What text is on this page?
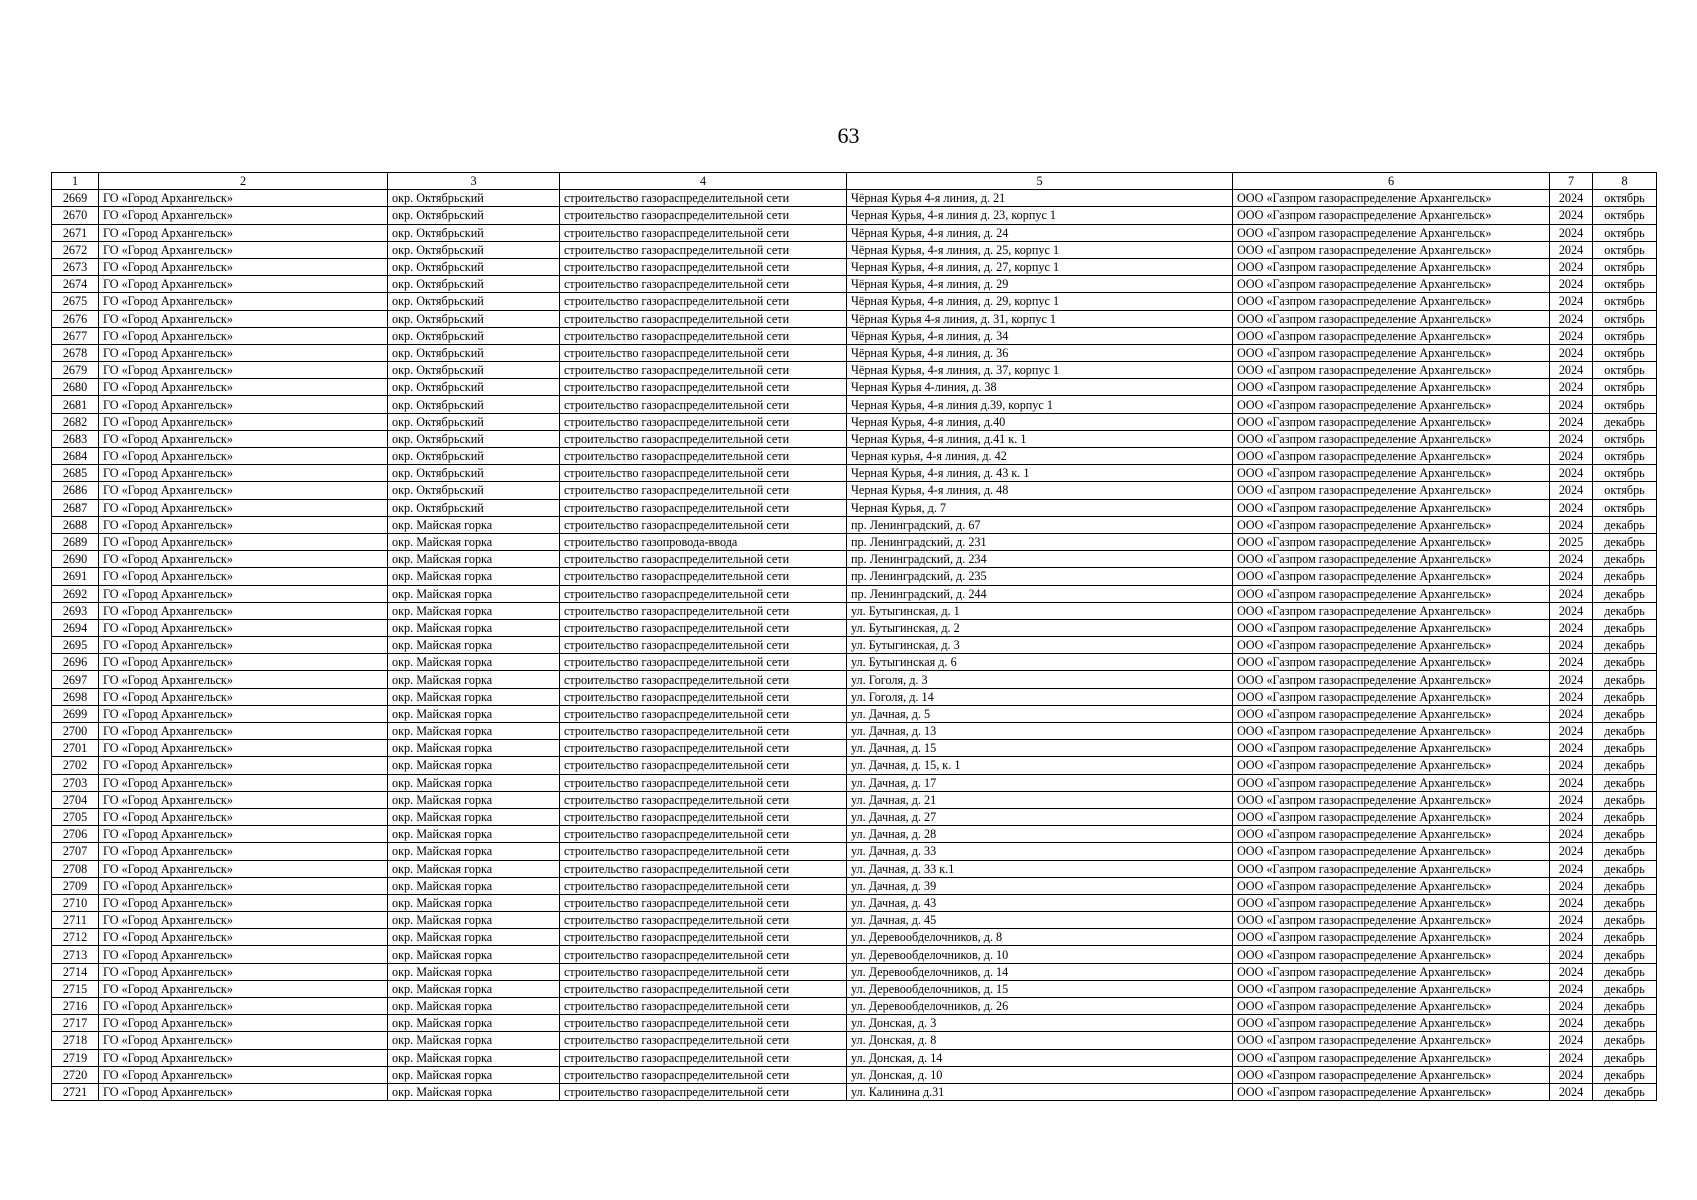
63
1	2	3	4	5	6	7	8
2669	ГО «Город Архангельск»	окр. Октябрьский	строительство газораспределительной сети	Чёрная Курья 4-я линия, д. 21	ООО «Газпром газораспределение Архангельск»	2024	октябрь
2670	ГО «Город Архангельск»	окр. Октябрьский	строительство газораспределительной сети	Черная Курья, 4-я линия д. 23, корпус 1	ООО «Газпром газораспределение Архангельск»	2024	октябрь
2671	ГО «Город Архангельск»	окр. Октябрьский	строительство газораспределительной сети	Чёрная Курья, 4-я линия, д. 24	ООО «Газпром газораспределение Архангельск»	2024	октябрь
2672	ГО «Город Архангельск»	окр. Октябрьский	строительство газораспределительной сети	Чёрная Курья, 4-я линия, д. 25, корпус 1	ООО «Газпром газораспределение Архангельск»	2024	октябрь
2673	ГО «Город Архангельск»	окр. Октябрьский	строительство газораспределительной сети	Черная Курья, 4-я линия, д. 27, корпус 1	ООО «Газпром газораспределение Архангельск»	2024	октябрь
2674	ГО «Город Архангельск»	окр. Октябрьский	строительство газораспределительной сети	Чёрная Курья, 4-я линия, д. 29	ООО «Газпром газораспределение Архангельск»	2024	октябрь
2675	ГО «Город Архангельск»	окр. Октябрьский	строительство газораспределительной сети	Чёрная Курья, 4-я линия, д. 29, корпус 1	ООО «Газпром газораспределение Архангельск»	2024	октябрь
2676	ГО «Город Архангельск»	окр. Октябрьский	строительство газораспределительной сети	Чёрная Курья 4-я линия, д. 31, корпус 1	ООО «Газпром газораспределение Архангельск»	2024	октябрь
2677	ГО «Город Архангельск»	окр. Октябрьский	строительство газораспределительной сети	Чёрная Курья, 4-я линия, д. 34	ООО «Газпром газораспределение Архангельск»	2024	октябрь
2678	ГО «Город Архангельск»	окр. Октябрьский	строительство газораспределительной сети	Чёрная Курья, 4-я линия, д. 36	ООО «Газпром газораспределение Архангельск»	2024	октябрь
2679	ГО «Город Архангельск»	окр. Октябрьский	строительство газораспределительной сети	Чёрная Курья, 4-я линия, д. 37, корпус 1	ООО «Газпром газораспределение Архангельск»	2024	октябрь
2680	ГО «Город Архангельск»	окр. Октябрьский	строительство газораспределительной сети	Черная Курья 4-линия, д. 38	ООО «Газпром газораспределение Архангельск»	2024	октябрь
2681	ГО «Город Архангельск»	окр. Октябрьский	строительство газораспределительной сети	Черная Курья, 4-я линия д.39, корпус 1	ООО «Газпром газораспределение Архангельск»	2024	октябрь
2682	ГО «Город Архангельск»	окр. Октябрьский	строительство газораспределительной сети	Черная Курья, 4-я линия, д.40	ООО «Газпром газораспределение Архангельск»	2024	декабрь
2683	ГО «Город Архангельск»	окр. Октябрьский	строительство газораспределительной сети	Черная Курья, 4-я линия, д.41 к. 1	ООО «Газпром газораспределение Архангельск»	2024	октябрь
2684	ГО «Город Архангельск»	окр. Октябрьский	строительство газораспределительной сети	Черная курья, 4-я линия, д. 42	ООО «Газпром газораспределение Архангельск»	2024	октябрь
2685	ГО «Город Архангельск»	окр. Октябрьский	строительство газораспределительной сети	Черная Курья, 4-я линия, д. 43 к. 1	ООО «Газпром газораспределение Архангельск»	2024	октябрь
2686	ГО «Город Архангельск»	окр. Октябрьский	строительство газораспределительной сети	Черная Курья, 4-я линия, д. 48	ООО «Газпром газораспределение Архангельск»	2024	октябрь
2687	ГО «Город Архангельск»	окр. Октябрьский	строительство газораспределительной сети	Черная Курья, д. 7	ООО «Газпром газораспределение Архангельск»	2024	октябрь
2688	ГО «Город Архангельск»	окр. Майская горка	строительство газораспределительной сети	пр. Ленинградский, д. 67	ООО «Газпром газораспределение Архангельск»	2024	декабрь
2689	ГО «Город Архангельск»	окр. Майская горка	строительство газопровода-ввода	пр. Ленинградский, д. 231	ООО «Газпром газораспределение Архангельск»	2025	декабрь
2690	ГО «Город Архангельск»	окр. Майская горка	строительство газораспределительной сети	пр. Ленинградский, д. 234	ООО «Газпром газораспределение Архангельск»	2024	декабрь
2691	ГО «Город Архангельск»	окр. Майская горка	строительство газораспределительной сети	пр. Ленинградский, д. 235	ООО «Газпром газораспределение Архангельск»	2024	декабрь
2692	ГО «Город Архангельск»	окр. Майская горка	строительство газораспределительной сети	пр. Ленинградский, д. 244	ООО «Газпром газораспределение Архангельск»	2024	декабрь
2693	ГО «Город Архангельск»	окр. Майская горка	строительство газораспределительной сети	ул. Бутыгинская, д. 1	ООО «Газпром газораспределение Архангельск»	2024	декабрь
2694	ГО «Город Архангельск»	окр. Майская горка	строительство газораспределительной сети	ул. Бутыгинская, д. 2	ООО «Газпром газораспределение Архангельск»	2024	декабрь
2695	ГО «Город Архангельск»	окр. Майская горка	строительство газораспределительной сети	ул. Бутыгинская, д. 3	ООО «Газпром газораспределение Архангельск»	2024	декабрь
2696	ГО «Город Архангельск»	окр. Майская горка	строительство газораспределительной сети	ул. Бутыгинская д. 6	ООО «Газпром газораспределение Архангельск»	2024	декабрь
2697	ГО «Город Архангельск»	окр. Майская горка	строительство газораспределительной сети	ул. Гоголя, д. 3	ООО «Газпром газораспределение Архангельск»	2024	декабрь
2698	ГО «Город Архангельск»	окр. Майская горка	строительство газораспределительной сети	ул. Гоголя, д. 14	ООО «Газпром газораспределение Архангельск»	2024	декабрь
2699	ГО «Город Архангельск»	окр. Майская горка	строительство газораспределительной сети	ул. Дачная, д. 5	ООО «Газпром газораспределение Архангельск»	2024	декабрь
2700	ГО «Город Архангельск»	окр. Майская горка	строительство газораспределительной сети	ул. Дачная, д. 13	ООО «Газпром газораспределение Архангельск»	2024	декабрь
2701	ГО «Город Архангельск»	окр. Майская горка	строительство газораспределительной сети	ул. Дачная, д. 15	ООО «Газпром газораспределение Архангельск»	2024	декабрь
2702	ГО «Город Архангельск»	окр. Майская горка	строительство газораспределительной сети	ул. Дачная, д. 15, к. 1	ООО «Газпром газораспределение Архангельск»	2024	декабрь
2703	ГО «Город Архангельск»	окр. Майская горка	строительство газораспределительной сети	ул. Дачная, д. 17	ООО «Газпром газораспределение Архангельск»	2024	декабрь
2704	ГО «Город Архангельск»	окр. Майская горка	строительство газораспределительной сети	ул. Дачная, д. 21	ООО «Газпром газораспределение Архангельск»	2024	декабрь
2705	ГО «Город Архангельск»	окр. Майская горка	строительство газораспределительной сети	ул. Дачная, д. 27	ООО «Газпром газораспределение Архангельск»	2024	декабрь
2706	ГО «Город Архангельск»	окр. Майская горка	строительство газораспределительной сети	ул. Дачная, д. 28	ООО «Газпром газораспределение Архангельск»	2024	декабрь
2707	ГО «Город Архангельск»	окр. Майская горка	строительство газораспределительной сети	ул. Дачная, д. 33	ООО «Газпром газораспределение Архангельск»	2024	декабрь
2708	ГО «Город Архангельск»	окр. Майская горка	строительство газораспределительной сети	ул. Дачная, д. 33 к.1	ООО «Газпром газораспределение Архангельск»	2024	декабрь
2709	ГО «Город Архангельск»	окр. Майская горка	строительство газораспределительной сети	ул. Дачная, д. 39	ООО «Газпром газораспределение Архангельск»	2024	декабрь
2710	ГО «Город Архангельск»	окр. Майская горка	строительство газораспределительной сети	ул. Дачная, д. 43	ООО «Газпром газораспределение Архангельск»	2024	декабрь
2711	ГО «Город Архангельск»	окр. Майская горка	строительство газораспределительной сети	ул. Дачная, д. 45	ООО «Газпром газораспределение Архангельск»	2024	декабрь
2712	ГО «Город Архангельск»	окр. Майская горка	строительство газораспределительной сети	ул. Деревообделочников, д. 8	ООО «Газпром газораспределение Архангельск»	2024	декабрь
2713	ГО «Город Архангельск»	окр. Майская горка	строительство газораспределительной сети	ул. Деревообделочников, д. 10	ООО «Газпром газораспределение Архангельск»	2024	декабрь
2714	ГО «Город Архангельск»	окр. Майская горка	строительство газораспределительной сети	ул. Деревообделочников, д. 14	ООО «Газпром газораспределение Архангельск»	2024	декабрь
2715	ГО «Город Архангельск»	окр. Майская горка	строительство газораспределительной сети	ул. Деревообделочников, д. 15	ООО «Газпром газораспределение Архангельск»	2024	декабрь
2716	ГО «Город Архангельск»	окр. Майская горка	строительство газораспределительной сети	ул. Деревообделочников, д. 26	ООО «Газпром газораспределение Архангельск»	2024	декабрь
2717	ГО «Город Архангельск»	окр. Майская горка	строительство газораспределительной сети	ул. Донская, д. 3	ООО «Газпром газораспределение Архангельск»	2024	декабрь
2718	ГО «Город Архангельск»	окр. Майская горка	строительство газораспределительной сети	ул. Донская, д. 8	ООО «Газпром газораспределение Архангельск»	2024	декабрь
2719	ГО «Город Архангельск»	окр. Майская горка	строительство газораспределительной сети	ул. Донская, д. 14	ООО «Газпром газораспределение Архангельск»	2024	декабрь
2720	ГО «Город Архангельск»	окр. Майская горка	строительство газораспределительной сети	ул. Донская, д. 10	ООО «Газпром газораспределение Архангельск»	2024	декабрь
2721	ГО «Город Архангельск»	окр. Майская горка	строительство газораспределительной сети	ул. Калинина д.31	ООО «Газпром газораспределение Архангельск»	2024	декабрь
